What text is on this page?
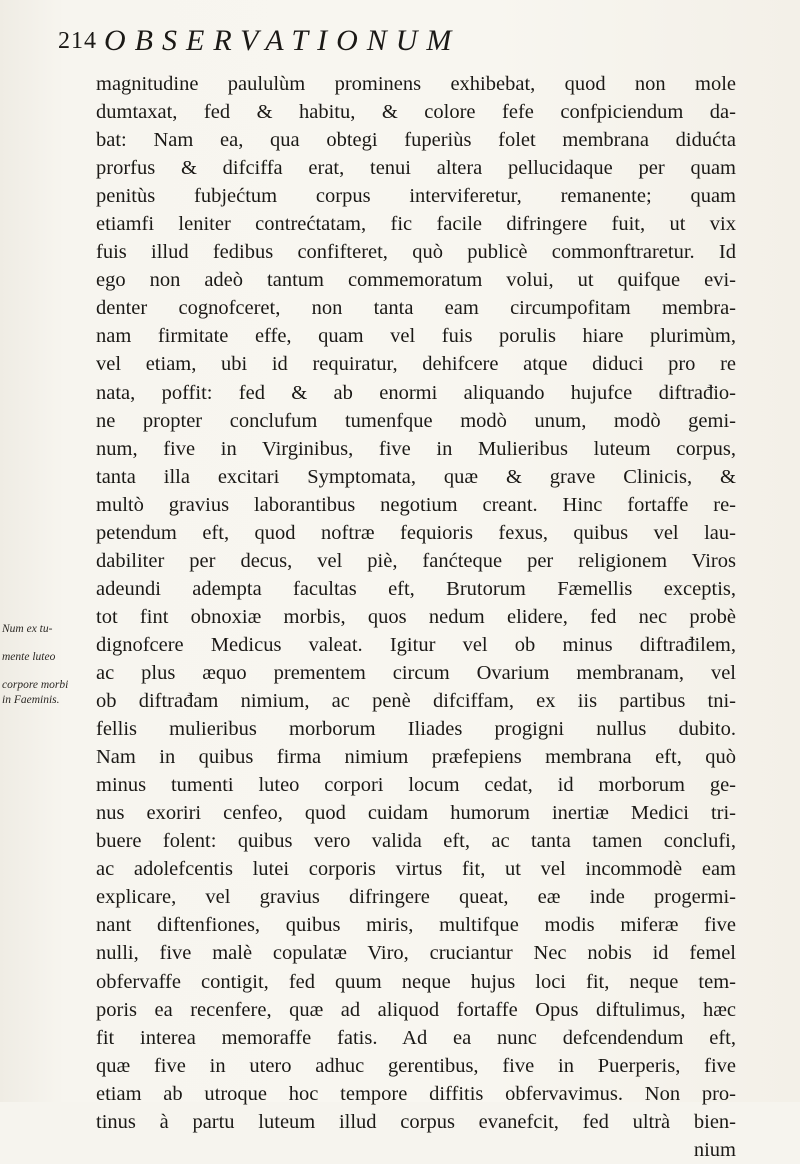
214 OBSERVATIONUM
Num ex tu-
mente luteo
corpore morbi
in Faeminis.
magnitudine paululùm prominens exhibebat, quod non mole
dumtaxat, fed & habitu, & colore fefe confpiciendum da-
bat: Nam ea, qua obtegi fuperiùs folet membrana didućta
prorfus & difciffa erat, tenui altera pellucidaque per quam
penitùs fubjećtum corpus interviferetur, remanente; quam
etiamfi leniter contrećtatam, fic facile difringere fuit, ut vix
fuis illud fedibus confifteret, quò publicè commonftraretur. Id
ego non adeò tantum commemoratum volui, ut quifque evi-
denter cognofceret, non tanta eam circumpofitam membra-
nam firmitate effe, quam vel fuis porulis hiare plurimùm,
vel etiam, ubi id requiratur, dehifcere atque diduci pro re
nata, poffit: fed & ab enormi aliquando hujufce diftrađio-
ne propter conclufum tumenfque modò unum, modò gemi-
num, five in Virginibus, five in Mulieribus luteum corpus,
tanta illa excitari Symptomata, quæ & grave Clinicis, &
multò gravius laborantibus negotium creant. Hinc fortaffe re-
petendum eft, quod noftræ fequioris fexus, quibus vel lau-
dabiliter per decus, vel piè, fanćteque per religionem Viros
adeundi adempta facultas eft, Brutorum Fæmellis exceptis,
tot fint obnoxiæ morbis, quos nedum elidere, fed nec probè
dignofcere Medicus valeat. Igitur vel ob minus diftrađilem,
ac plus æquo prementem circum Ovarium membranam, vel
ob diftrađam nimium, ac penè difciffam, ex iis partibus tni-
fellis mulieribus morborum Iliades progigni nullus dubito.
Nam in quibus firma nimium præfepiens membrana eft, quò
minus tumenti luteo corpori locum cedat, id morborum ge-
nus exoriri cenfeo, quod cuidam humorum inertiæ Medici tri-
buere folent: quibus vero valida eft, ac tanta tamen conclufi,
ac adolefcentis lutei corporis virtus fit, ut vel incommodè eam
explicare, vel gravius difringere queat, eæ inde progermi-
nant diftenfiones, quibus miris, multifque modis miferæ five
nulli, five malè copulatæ Viro, cruciantur Nec nobis id femel
obfervaffe contigit, fed quum neque hujus loci fit, neque tem-
poris ea recenfere, quæ ad aliquod fortaffe Opus diftulimus, hæc
fit interea memoraffe fatis. Ad ea nunc defcendendum eft,
quæ five in utero adhuc gerentibus, five in Puerperis, five
etiam ab utroque hoc tempore diffitis obfervavimus. Non pro-
tinus à partu luteum illud corpus evanefcit, fed ultrà bien-
nium
